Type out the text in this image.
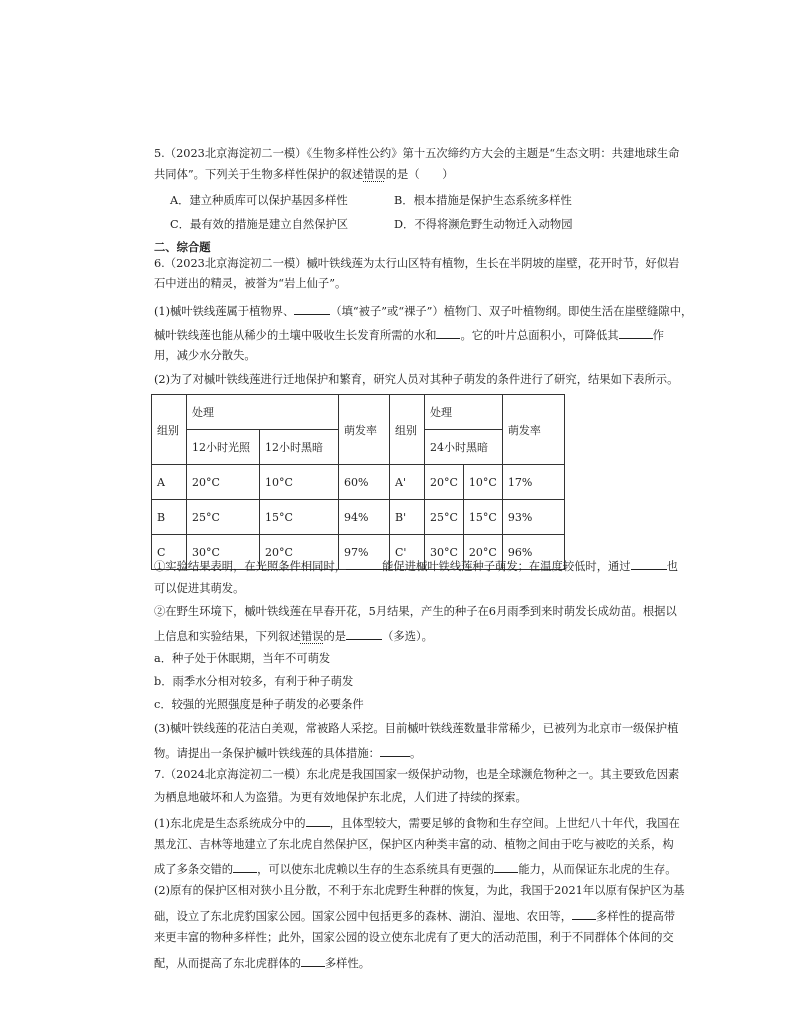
5.（2023北京海淀初二一模）《生物多样性公约》第十五次缔约方大会的主题是“生态文明：共建地球生命
共同体”。下列关于生物多样性保护的叙述错误的是（　　）
A．建立种质库可以保护基因多样性	B．根本措施是保护生态系统多样性
C．最有效的措施是建立自然保护区	D．不得将濒危野生动物迁入动物园
二、综合题
6.（2023北京海淀初二一模）槭叶铁线莲为太行山区特有植物，生长在半阴坡的崖壁，花开时节，好似岩
石中迸出的精灵，被誉为“岩上仙子”。
(1)槭叶铁线莲属于植物界、	（填“被子”或“裸子”）植物门、双子叶植物纲。即使生活在崖壁缝隙中，
槭叶铁线莲也能从稀少的土壤中吸收生长发育所需的水和 。它的叶片总面积小，可降低其	作
用，减少水分散失。
(2)为了对槭叶铁线莲进行迁地保护和繁育，研究人员对其种子萌发的条件进行了研究，结果如下表所示。
组别	处理		萌发率	组别	处理		萌发率
	12小时光照	12小时黑暗			24小时黑暗		
A	20°C	10°C	60%	A'	20°C	10°C	17%
B	25°C	15°C	94%	B'	25°C	15°C	93%
C	30°C	20°C	97%	C'	30°C	20°C	96%
①实验结果表明，在光照条件相同时，	能促进槭叶铁线莲种子萌发；在温度较低时，通过	也
可以促进其萌发。
②在野生环境下，槭叶铁线莲在早春开花，5月结果，产生的种子在6月雨季到来时萌发长成幼苗。根据以
上信息和实验结果，下列叙述错误的是	（多选）。
a．种子处于休眠期，当年不可萌发
b．雨季水分相对较多，有利于种子萌发
c．较强的光照强度是种子萌发的必要条件
(3)槭叶铁线莲的花洁白美观，常被路人采挖。目前槭叶铁线莲数量非常稀少，已被列为北京市一级保护植
物。请提出一条保护槭叶铁线莲的具体措施：	。
7.（2024北京海淀初二一模）东北虎是我国国家一级保护动物，也是全球濒危物种之一。其主要致危因素
为栖息地破坏和人为盗猎。为更有效地保护东北虎，人们进了持续的探索。
(1)东北虎是生态系统成分中的 ，且体型较大，需要足够的食物和生存空间。上世纪八十年代，我国在
黑龙江、吉林等地建立了东北虎自然保护区，保护区内种类丰富的动、植物之间由于吃与被吃的关系，构
成了多条交错的 ，可以使东北虎赖以生存的生态系统具有更强的 能力，从而保证东北虎的生存。
(2)原有的保护区相对狭小且分散，不利于东北虎野生种群的恢复，为此，我国于2021年以原有保护区为基
础，设立了东北虎豹国家公园。国家公园中包括更多的森林、湖泊、湿地、农田等， 多样性的提高带
来更丰富的物种多样性；此外，国家公园的设立使东北虎有了更大的活动范围，利于不同群体个体间的交
配，从而提高了东北虎群体的 多样性。
